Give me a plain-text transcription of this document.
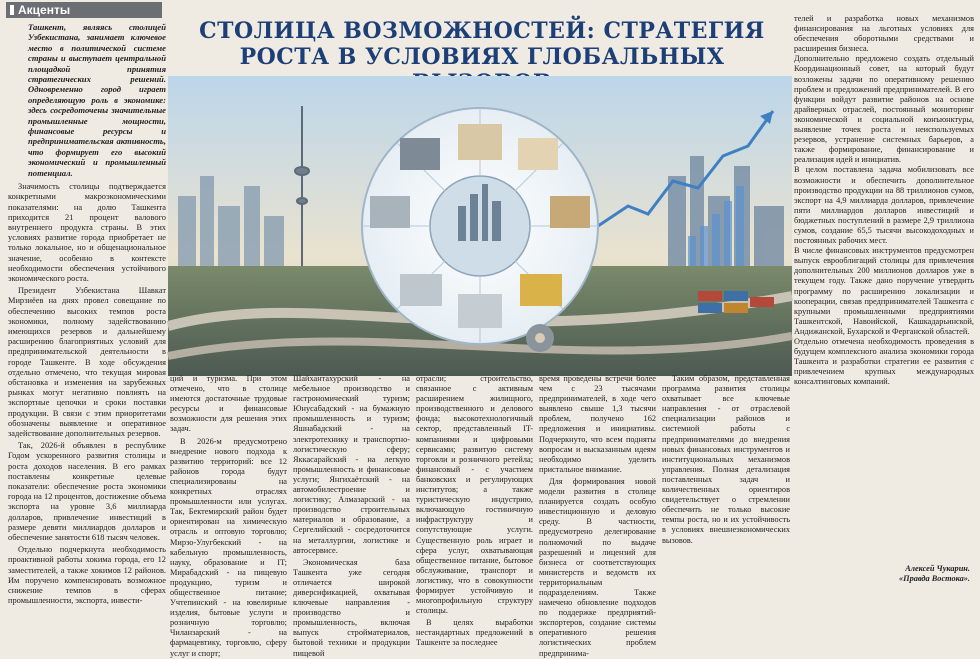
Акценты
Ташкент, являясь столицей Узбекистана, занимает ключевое место в политической системе страны и выступает центральной площадкой принятия стратегических решений. Одновременно город играет определяющую роль в экономике: здесь сосредоточены значительные промышленные мощности, финансовые ресурсы и предпринимательская активность, что формирует его высокий экономический и промышленный потенциал.

Значимость столицы подтверждается конкретными макроэкономическими показателями: на долю Ташкента приходится 21 процент валового внутреннего продукта страны. В этих условиях развитие города приобретает не только локальное, но и общенациональное значение, особенно в контексте необходимости обеспечения устойчивого экономического роста.

Президент Узбекистана Шавкат Мирзиёев на днях провел совещание по обеспечению высоких темпов роста экономики, полному задействованию имеющихся резервов и дальнейшему расширению благоприятных условий для предпринимательской деятельности в городе Ташкенте. В ходе обсуждения отдельно отмечено, что текущая мировая обстановка и изменения на зарубежных рынках могут негативно повлиять на экспортные цепочки и сроки поставки продукции. В связи с этим приоритетами обозначены выявление и оперативное задействование дополнительных резервов.

Так, 2026-й объявлен в республике Годом ускоренного развития столицы и роста доходов населения. В его рамках поставлены конкретные целевые показатели: обеспечение роста экономики города на 12 процентов, достижение объема экспорта на уровне 3,6 миллиарда долларов, привлечение инвестиций в размере девяти миллиардов долларов и обеспечение занятости 618 тысяч человек.

Отдельно подчеркнута необходимость проактивной работы хокима города, его 12 заместителей, а также хокимов 12 районов. Им поручено компенсировать возможное снижение темпов в сферах промышленности, экспорта, инвести-

СТОЛИЦА ВОЗМОЖНОСТЕЙ: СТРАТЕГИЯ РОСТА В УСЛОВИЯХ ГЛОБАЛЬНЫХ

ций и туризма. При этом отмечено, что в столице имеются достаточные трудовые ресурсы и финансовые возможности для решения этих задач.

В 2026-м предусмотрено внедрение нового подхода к развитию территорий: все 12 районов города будут специализированы на конкретных отраслях промышленности или услугах. Так, Бектемирский район будет ориентирован на химическую отрасль и оптовую торговлю; Мирзо-Улугбекский - на кабельную промышленность, науку, образование и IT; Мирабадский - на пищевую продукцию, туризм и общественное питание; Учтепинский - на ювелирные изделия, бытовые услуги и розничную торговлю; Чиланзарский - на фармацевтику, торговлю, сферу услуг и спорт;

Шайхантахурский - на мебельное производство и гастрономический туризм; Юнусабадский - на бумажную промышленность и туризм; Яшнабадский - на электротехнику и транспортно-логистическую сферу; Яккасарайский - на легкую промышленность и финансовые услуги; Янгихаётский - на автомобилестроение и логистику; Алмазарский - на производство строительных материалов и образование, а Сергелийский - сосредоточится на металлургии, логистике и автосервисе.

Экономическая база Ташкента уже сегодня отличается широкой диверсификацией, охватывая ключевые направления - производство и промышленность, включая выпуск стройматериалов, бытовой техники и продукции пищевой

отрасли; строительство, связанное с активным расширением жилищного, производственного и делового фонда; высокотехнологичный сектор, представленный IT-компаниями и цифровыми сервисами; развитую систему торговли и розничного ретейла; финансовый - с участием банковских и регулирующих институтов; а также туристическую индустрию, включающую гостиничную инфраструктуру и сопутствующие услуги. Существенную роль играет и сфера услуг, охватывающая общественное питание, бытовое обслуживание, транспорт и логистику, что в совокупности формирует устойчивую и многопрофильную структуру столицы.

В целях выработки нестандартных предложений в Ташкенте за последнее

время проведены встречи более чем с 23 тысячами предпринимателей, в ходе чего выявлено свыше 1,3 тысячи проблем, получено 162 предложения и инициативы. Подчеркнуто, что всем подняты вопросам и высказанным идеям необходимо уделить пристальное внимание.

Для формирования новой модели развития в столице планируется создать особую инвестиционную и деловую среду. В частности, предусмотрено делегирование полномочий по выдаче разрешений и лицензий для бизнеса от соответствующих министерств и ведомств их территориальным подразделениям. Также намечено обновление подходов по поддержке предприятий-экспортеров, создание системы оперативного решения логистических проблем предпринима-

Таким образом, представленная программа развития столицы охватывает все ключевые направления - от отраслевой специализации районов и системной работы с предпринимателями до внедрения новых финансовых инструментов и институциональных механизмов управления. Полная детализация поставленных задач и количественных ориентиров свидетельствует о стремлении обеспечить не только высокие темпы роста, но и их устойчивость в условиях внешнеэкономических вызовов.

телей и разработка новых механизмов финансирования на льготных условиях для обеспечения оборотными средствами и расширения бизнеса.

Дополнительно предложено создать отдельный Координационный совет, на который будут возложены задачи по оперативному решению проблем и предложений предпринимателей. В его функции войдут развитие районов на основе драйверных отраслей, постоянный мониторинг экономической и социальной конъюнктуры, выявление точек роста и неиспользуемых резервов, устранение системных барьеров, а также формирование, финансирование и реализация идей и инициатив.

В целом поставлена задача мобилизовать все возможности и обеспечить дополнительное производство продукции на 88 триллионов сумов, экспорт на 4,9 миллиарда долларов, привлечение пяти миллиардов долларов инвестиций и бюджетных поступлений в размере 2,9 триллиона сумов, создание 65,5 тысячи высокодоходных и постоянных рабочих мест.

В числе финансовых инструментов предусмотрен выпуск еврооблигаций столицы для привлечения дополнительных 200 миллионов долларов уже в текущем году. Также дано поручение утвердить программу по расширению локализации и кооперации, связав предпринимателей Ташкента с крупными промышленными предприятиями Ташкентской, Навоийской, Кашкадарьинской, Андижанской, Бухарской и Ферганской областей.

Отдельно отмечена необходимость проведения в будущем комплексного анализа экономики города Ташкента и разработки стратегии ее развития с привлечением крупных международных консалтинговых компаний.

Алексей Чукарин.
«Правда Востока».
